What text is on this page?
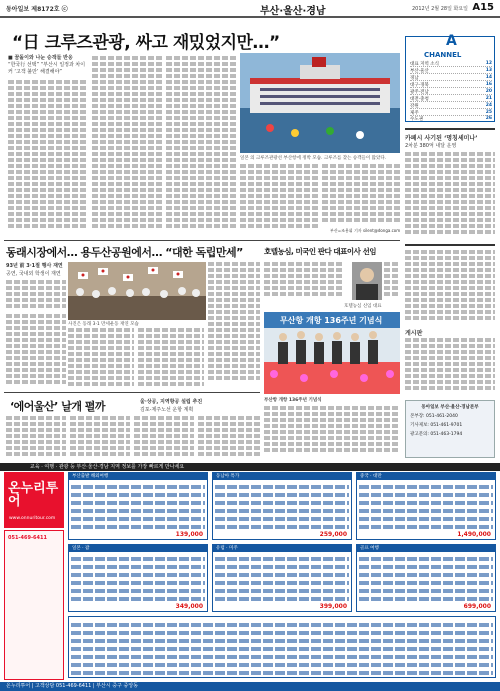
동아일보 제8172호 ⓒ	부산·울산·경남	2012년 2월 28일 화요일 A15
“日 크루즈관광, 싸고 재밌었지만…”
■ 꿈돌이와 나눈 승객들 반응
“한국行 선택” “부산시 일정과 차이 커 ‘고객 불만’ 해결해야”
일본 의 크루즈관광선 부산항에 정박 모습. 크루즈를 찾는 승객들이 많았다.
부산=조용휘 기자 silent@donga.com
A
CHANNEL
대표 지역 소식	12
부산·울산	13
경남	14
대구·경북	16
광주·전남	20
대전·충청	21
강원	24
제주	25
수도권	26
카페시 사기된 ‘명칭세미나’
2차분 380억 내달 운영
동래시장에서… 용두산공원에서… “대한 독립만세”
93년 前 3·1절 행사 재연
공연, 국내외 학생이 재연
사진은 동래 3·1 만세운동 재연 모습
호텔농심, 미국인 판다 대표이사 선임
호텔농심 신임 대표
무산항 개항 136주년 기념식
부산항 개항 136주년 기념식
‘에어울산’ 날개 펼까	울·상공, 지역항공 설립 추진
김포-제주노선 운항 계획
게시판
동아일보 부산·울산·경남본부
본부장: 051-461-2040
기사제보: 051-461-9701
광고문의: 051-463-1794
교육 · 여행 · 관광 등 부산·울산·경남 지역 정보를 가장 빠르게 만나세요
온누리투어
www.onnuritour.com
051-469-6411
부산출발 해외여행
139,000
동남아 특가
259,000
중국 · 대만
1,490,000
일본 · 괌
349,000
유럽 · 미주
399,000
골프 여행
699,000
온누리투어 | 고객상담 051-469-6411 | 부산시 중구 중앙동
